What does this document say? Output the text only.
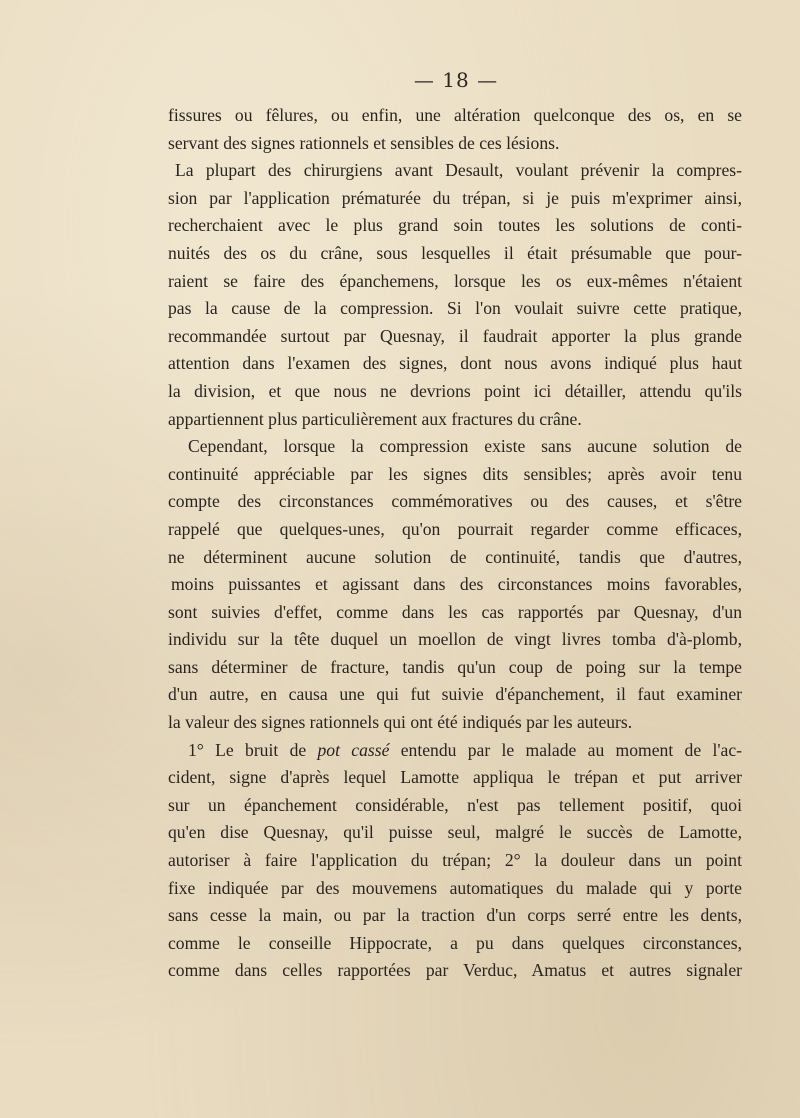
— 18 —
fissures ou fêlures, ou enfin, une altération quelconque des os, en se
servant des signes rationnels et sensibles de ces lésions.
La plupart des chirurgiens avant Desault, voulant prévenir la compres-
sion par l'application prématurée du trépan, si je puis m'exprimer ainsi,
recherchaient avec le plus grand soin toutes les solutions de conti-
nuités des os du crâne, sous lesquelles il était présumable que pour-
raient se faire des épanchemens, lorsque les os eux-mêmes n'étaient
pas la cause de la compression. Si l'on voulait suivre cette pratique,
recommandée surtout par Quesnay, il faudrait apporter la plus grande
attention dans l'examen des signes, dont nous avons indiqué plus haut
la division, et que nous ne devrions point ici détailler, attendu qu'ils
appartiennent plus particulièrement aux fractures du crâne.
Cependant, lorsque la compression existe sans aucune solution de
continuité appréciable par les signes dits sensibles; après avoir tenu
compte des circonstances commémoratives ou des causes, et s'être
rappelé que quelques-unes, qu'on pourrait regarder comme efficaces,
ne déterminent aucune solution de continuité, tandis que d'autres,
moins puissantes et agissant dans des circonstances moins favorables,
sont suivies d'effet, comme dans les cas rapportés par Quesnay, d'un
individu sur la tête duquel un moellon de vingt livres tomba d'à-plomb,
sans déterminer de fracture, tandis qu'un coup de poing sur la tempe
d'un autre, en causa une qui fut suivie d'épanchement, il faut examiner
la valeur des signes rationnels qui ont été indiqués par les auteurs.
1° Le bruit de pot cassé entendu par le malade au moment de l'ac-
cident, signe d'après lequel Lamotte appliqua le trépan et put arriver
sur un épanchement considérable, n'est pas tellement positif, quoi
qu'en dise Quesnay, qu'il puisse seul, malgré le succès de Lamotte,
autoriser à faire l'application du trépan; 2° la douleur dans un point
fixe indiquée par des mouvemens automatiques du malade qui y porte
sans cesse la main, ou par la traction d'un corps serré entre les dents,
comme le conseille Hippocrate, a pu dans quelques circonstances,
comme dans celles rapportées par Verduc, Amatus et autres signaler
